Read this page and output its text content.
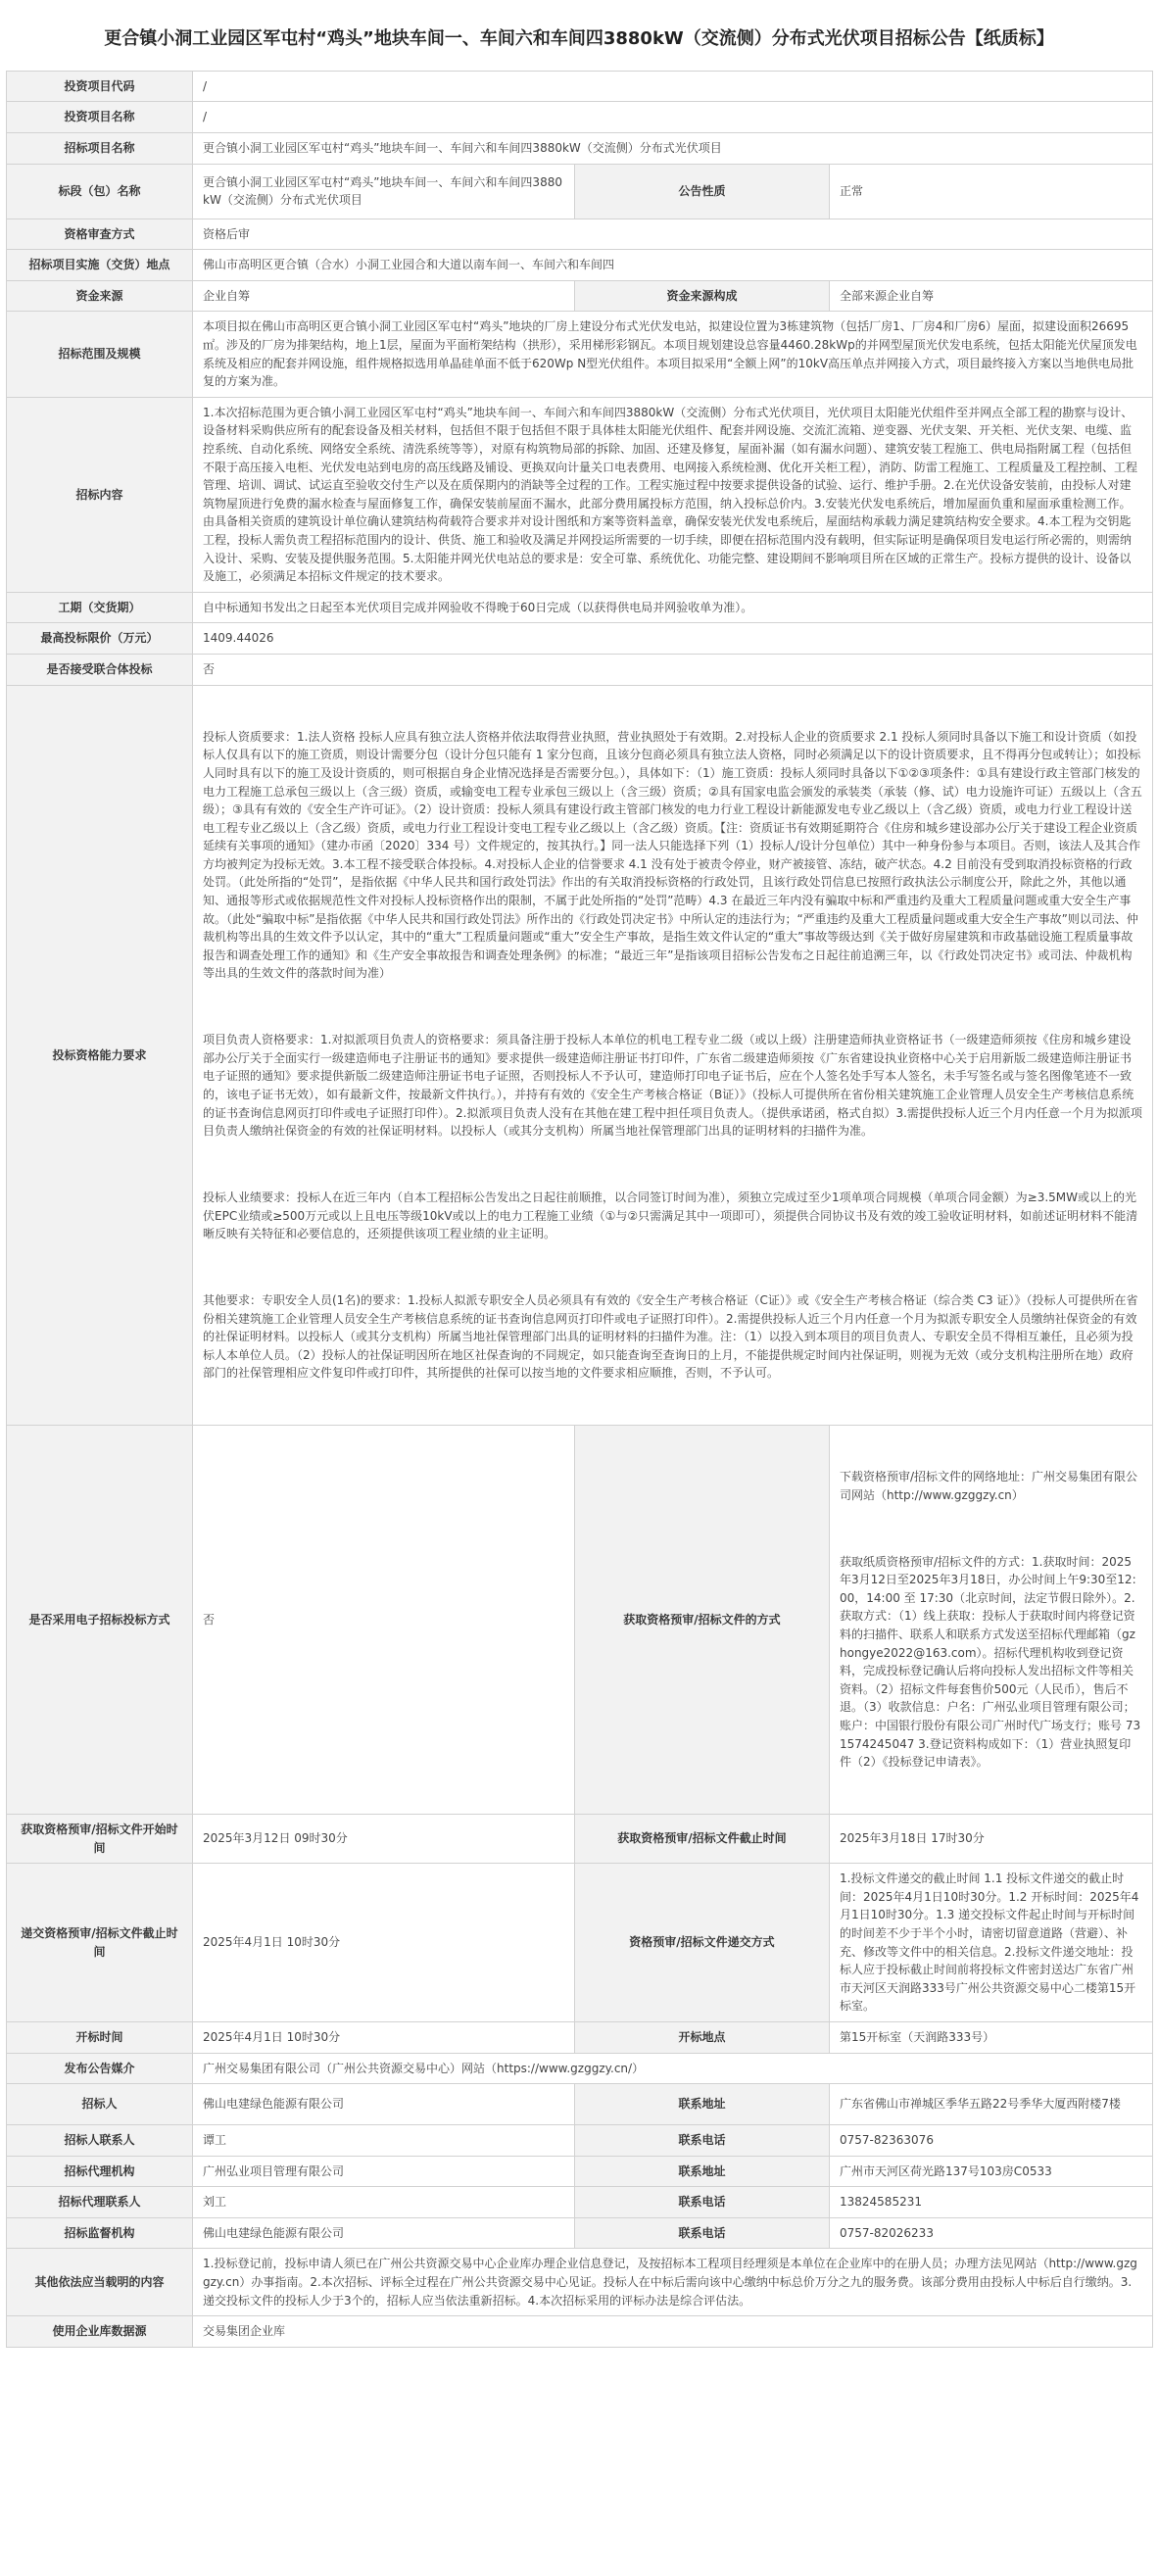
更合镇小洞工业园区军屯村“鸡头”地块车间一、车间六和车间四3880kW（交流侧）分布式光伏项目招标公告【纸质标】
投资项目代码	/		
投资项目名称	/		
招标项目名称	更合镇小洞工业园区军屯村“鸡头”地块车间一、车间六和车间四3880kW（交流侧）分布式光伏项目		
标段（包）名称	更合镇小洞工业园区军屯村“鸡头”地块车间一、车间六和车间四3880kW（交流侧）分布式光伏项目	公告性质	正常
资格审查方式	资格后审		
招标项目实施（交货）地点	佛山市高明区更合镇（合水）小洞工业园合和大道以南车间一、车间六和车间四		
资金来源	企业自筹	资金来源构成	全部来源企业自筹
招标范围及规模	本项目拟在佛山市高明区更合镇小洞工业园区军屯村“鸡头”地块的厂房上建设分布式光伏发电站，拟建设位置为3栋建筑物（包括厂房1、厂房4和厂房6）屋面，拟建设面积26695㎡。涉及的厂房为排架结构，地上1层，屋面为平面桁架结构（拱形），采用梯形彩钢瓦。本项目规划建设总容量4460.28kWp的并网型屋顶光伏发电系统，包括太阳能光伏屋顶发电系统及相应的配套并网设施，组件规格拟选用单晶硅单面不低于620Wp N型光伏组件。本项目拟采用“全额上网”的10kV高压单点并网接入方式，项目最终接入方案以当地供电局批复的方案为准。		
招标内容	1.本次招标范围为更合镇小洞工业园区军屯村“鸡头”地块车间一、车间六和车间四3880kW（交流侧）分布式光伏项目，光伏项目太阳能光伏组件至并网点全部工程的勘察与设计、设备材料采购供应所有的配套设备及相关材料，包括但不限于包括但不限于具体桂太阳能光伏组件、配套并网设施、交流汇流箱、逆变器、光伏支架、开关柜、光伏支架、电缆、监控系统、自动化系统、网络安全系统、清洗系统等等），对原有构筑物局部的拆除、加固、还建及修复，屋面补漏（如有漏水问题）、建筑安装工程施工、供电局指附属工程（包括但不限于高压接入电柜、光伏发电站到电房的高压线路及铺设、更换双向计量关口电表费用、电网接入系统检测、优化开关柜工程），消防、防雷工程施工、工程质量及工程控制、工程管理、培训、调试、试运直至验收交付生产以及在质保期内的消缺等全过程的工作。工程实施过程中按要求提供设备的试验、运行、维护手册。2.在光伏设备安装前，由投标人对建筑物屋顶进行免费的漏水检查与屋面修复工作，确保安装前屋面不漏水，此部分费用属投标方范围，纳入投标总价内。3.安装光伏发电系统后，增加屋面负重和屋面承重检测工作。由具备相关资质的建筑设计单位确认建筑结构荷载符合要求并对设计图纸和方案等资料盖章，确保安装光伏发电系统后，屋面结构承载力满足建筑结构安全要求。4.本工程为交钥匙工程，投标人需负责工程招标范围内的设计、供货、施工和验收及满足并网投运所需要的一切手续，即便在招标范围内没有载明，但实际证明是确保项目发电运行所必需的，则需纳入设计、采购、安装及提供服务范围。5.太阳能并网光伏电站总的要求是：安全可靠、系统优化、功能完整、建设期间不影响项目所在区域的正常生产。投标方提供的设计、设备以及施工，必须满足本招标文件规定的技术要求。		
工期（交货期）	自中标通知书发出之日起至本光伏项目完成并网验收不得晚于60日完成（以获得供电局并网验收单为准）。		
最高投标限价（万元）	1409.44026		
是否接受联合体投标	否		
投标资格能力要求	投标人资质要求：1.法人资格 投标人应具有独立法人资格并依法取得营业执照，营业执照处于有效期。2.对投标人企业的资质要求 2.1 投标人须同时具备以下施工和设计资质（如投标人仅具有以下的施工资质，则设计需要分包（设计分包只能有 1 家分包商，且该分包商必须具有独立法人资格，同时必须满足以下的设计资质要求，且不得再分包或转让）；如投标人同时具有以下的施工及设计资质的，则可根据自身企业情况选择是否需要分包。），具体如下：（1）施工资质：投标人须同时具备以下①②③项条件：①具有建设行政主管部门核发的电力工程施工总承包三级以上（含三级）资质，或输变电工程专业承包三级以上（含三级）资质；②具有国家电监会颁发的承装类（承装（修、试）电力设施许可证）五级以上（含五级）；③具有有效的《安全生产许可证》。（2）设计资质：投标人须具有建设行政主管部门核发的电力行业工程设计新能源发电专业乙级以上（含乙级）资质，或电力行业工程设计送电工程专业乙级以上（含乙级）资质，或电力行业工程设计变电工程专业乙级以上（含乙级）资质。【注：资质证书有效期延期符合《住房和城乡建设部办公厅关于建设工程企业资质延续有关事项的通知》（建办市函〔2020〕334 号）文件规定的，按其执行。】同一法人只能选择下列（1）投标人/设计分包单位）其中一种身份参与本项目。否则，该法人及其合作方均被判定为投标无效。3.本工程不接受联合体投标。4.对投标人企业的信誉要求 4.1 没有处于被责令停业，财产被接管、冻结，破产状态。4.2 目前没有受到取消投标资格的行政处罚。（此处所指的“处罚”，是指依据《中华人民共和国行政处罚法》作出的有关取消投标资格的行政处罚，且该行政处罚信息已按照行政执法公示制度公开，除此之外，其他以通知、通报等形式或依据规范性文件对投标人投标资格作出的限制，不属于此处所指的“处罚”范畴）4.3 在最近三年内没有骗取中标和严重违约及重大工程质量问题或重大安全生产事故。（此处“骗取中标”是指依据《中华人民共和国行政处罚法》所作出的《行政处罚决定书》中所认定的违法行为；“严重违约及重大工程质量问题或重大安全生产事故”则以司法、仲裁机构等出具的生效文件予以认定，其中的“重大”工程质量问题或“重大”安全生产事故，是指生效文件认定的“重大”事故等级达到《关于做好房屋建筑和市政基础设施工程质量事故报告和调查处理工作的通知》和《生产安全事故报告和调查处理条例》的标准；“最近三年”是指该项目招标公告发布之日起往前追溯三年，以《行政处罚决定书》或司法、仲裁机构等出具的生效文件的落款时间为准）

项目负责人资格要求：1.对拟派项目负责人的资格要求：须具备注册于投标人本单位的机电工程专业二级（或以上级）注册建造师执业资格证书（一级建造师须按《住房和城乡建设部办公厅关于全面实行一级建造师电子注册证书的通知》要求提供一级建造师注册证书打印件，广东省二级建造师须按《广东省建设执业资格中心关于启用新版二级建造师注册证书电子证照的通知》要求提供新版二级建造师注册证书电子证照，否则投标人不予认可，建造师打印电子证书后，应在个人签名处手写本人签名，未手写签名或与签名图像笔迹不一致的，该电子证书无效），如有最新文件，按最新文件执行。），并持有有效的《安全生产考核合格证（B证）》（投标人可提供所在省份相关建筑施工企业管理人员安全生产考核信息系统的证书查询信息网页打印件或电子证照打印件）。2.拟派项目负责人没有在其他在建工程中担任项目负责人。（提供承诺函，格式自拟）3.需提供投标人近三个月内任意一个月为拟派项目负责人缴纳社保资金的有效的社保证明材料。以投标人（或其分支机构）所属当地社保管理部门出具的证明材料的扫描件为准。

投标人业绩要求：投标人在近三年内（自本工程招标公告发出之日起往前顺推，以合同签订时间为准），须独立完成过至少1项单项合同规模（单项合同金额）为≥3.5MW或以上的光伏EPC业绩或≥500万元或以上且电压等级10kV或以上的电力工程施工业绩（①与②只需满足其中一项即可），须提供合同协议书及有效的竣工验收证明材料，如前述证明材料不能清晰反映有关特征和必要信息的，还须提供该项工程业绩的业主证明。

其他要求：专职安全人员(1名)的要求：1.投标人拟派专职安全人员必须具有有效的《安全生产考核合格证（C证）》或《安全生产考核合格证（综合类 C3 证）》（投标人可提供所在省份相关建筑施工企业管理人员安全生产考核信息系统的证书查询信息网页打印件或电子证照打印件）。2.需提供投标人近三个月内任意一个月为拟派专职安全人员缴纳社保资金的有效的社保证明材料。以投标人（或其分支机构）所属当地社保管理部门出具的证明材料的扫描件为准。注：（1）以投入到本项目的项目负责人、专职安全员不得相互兼任，且必须为投标人本单位人员。（2）投标人的社保证明因所在地区社保查询的不同规定，如只能查询至查询日的上月，不能提供规定时间内社保证明，则视为无效（或分支机构注册所在地）政府部门的社保管理相应文件复印件或打印件，其所提供的社保可以按当地的文件要求相应顺推，否则，不予认可。		

是否采用电子招标投标方式	否	获取资格预审/招标文件的方式	下载资格预审/招标文件的网络地址：广州交易集团有限公司网站（http://www.gzggzy.cn）

获取纸质资格预审/招标文件的方式：1.获取时间：2025年3月12日至2025年3月18日，办公时间上午9:30至12:00，14:00 至 17:30（北京时间，法定节假日除外）。2.获取方式：（1）线上获取：投标人于获取时间内将登记资料的扫描件、联系人和联系方式发送至招标代理邮箱（gzhongye2022@163.com）。招标代理机构收到登记资料，完成投标登记确认后将向投标人发出招标文件等相关资料。（2）招标文件每套售价500元（人民币），售后不退。（3）收款信息：户名：广州弘业项目管理有限公司；账户：中国银行股份有限公司广州时代广场支行；账号 731574245047 3.登记资料构成如下：（1）营业执照复印件（2）《投标登记申请表》。

获取资格预审/招标文件开始时间	2025年3月12日 09时30分	获取资格预审/招标文件截止时间	2025年3月18日 17时30分
递交资格预审/招标文件截止时间	2025年4月1日 10时30分	资格预审/招标文件递交方式	1.投标文件递交的截止时间 1.1 投标文件递交的截止时间：2025年4月1日10时30分。1.2 开标时间：2025年4月1日10时30分。1.3 递交投标文件起止时间与开标时间的时间差不少于半个小时，请密切留意道路（营避）、补充、修改等文件中的相关信息。2.投标文件递交地址：投标人应于投标截止时间前将投标文件密封送达广东省广州市天河区天润路333号广州公共资源交易中心二楼第15开标室。
开标时间	2025年4月1日 10时30分	开标地点	第15开标室（天润路333号）
发布公告媒介	广州交易集团有限公司（广州公共资源交易中心）网站（https://www.gzggzy.cn/）		
招标人	佛山电建绿色能源有限公司	联系地址	广东省佛山市禅城区季华五路22号季华大厦西附楼7楼
招标人联系人	谭工	联系电话	0757-82363076
招标代理机构	广州弘业项目管理有限公司	联系地址	广州市天河区荷光路137号103房C0533
招标代理联系人	刘工	联系电话	13824585231
招标监督机构	佛山电建绿色能源有限公司	联系电话	0757-82026233
其他依法应当载明的内容	1.投标登记前，投标申请人须已在广州公共资源交易中心企业库办理企业信息登记，及按招标本工程项目经理须是本单位在企业库中的在册人员；办理方法见网站（http://www.gzggzy.cn）办事指南。2.本次招标、评标全过程在广州公共资源交易中心见证。投标人在中标后需向该中心缴纳中标总价万分之九的服务费。该部分费用由投标人中标后自行缴纳。3.递交投标文件的投标人少于3个的，招标人应当依法重新招标。4.本次招标采用的评标办法是综合评估法。		
使用企业库数据源	交易集团企业库		
